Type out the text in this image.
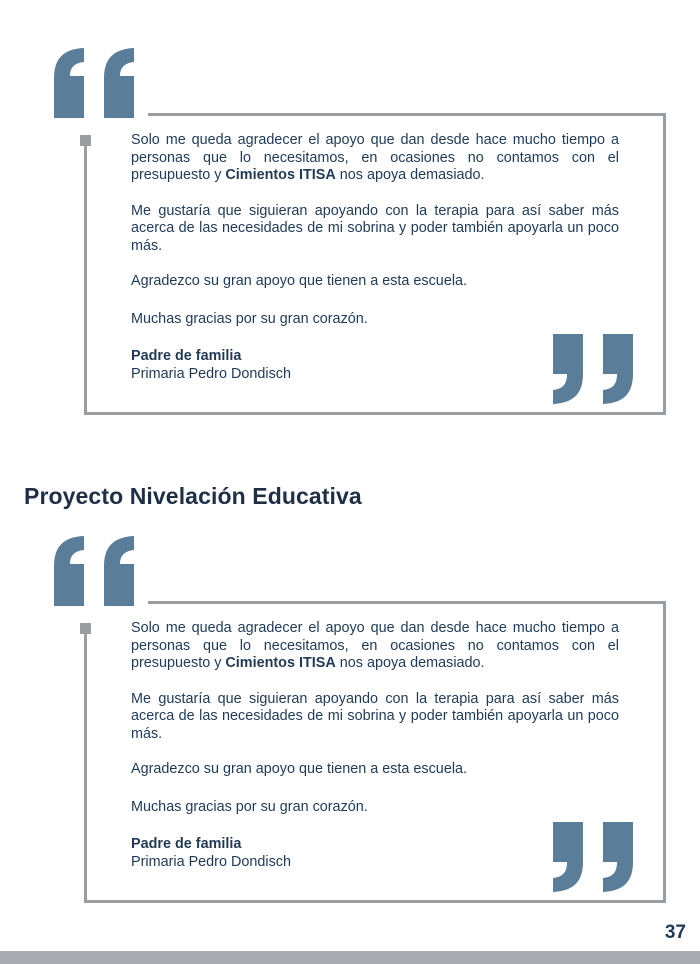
Solo me queda agradecer el apoyo que dan desde hace mucho tiempo a personas que lo necesitamos, en ocasiones no contamos con el presupuesto y Cimientos ITISA nos apoya demasiado.

Me gustaría que siguieran apoyando con la terapia para así saber más acerca de las necesidades de mi sobrina y poder también apoyarla un poco más.

Agradezco su gran apoyo que tienen a esta escuela.

Muchas gracias por su gran corazón.

Padre de familia
Primaria Pedro Dondisch
Proyecto Nivelación Educativa

Solo me queda agradecer el apoyo que dan desde hace mucho tiempo a personas que lo necesitamos, en ocasiones no contamos con el presupuesto y Cimientos ITISA nos apoya demasiado.

Me gustaría que siguieran apoyando con la terapia para así saber más acerca de las necesidades de mi sobrina y poder también apoyarla un poco más.

Agradezco su gran apoyo que tienen a esta escuela.

Muchas gracias por su gran corazón.

Padre de familia
Primaria Pedro Dondisch
37
